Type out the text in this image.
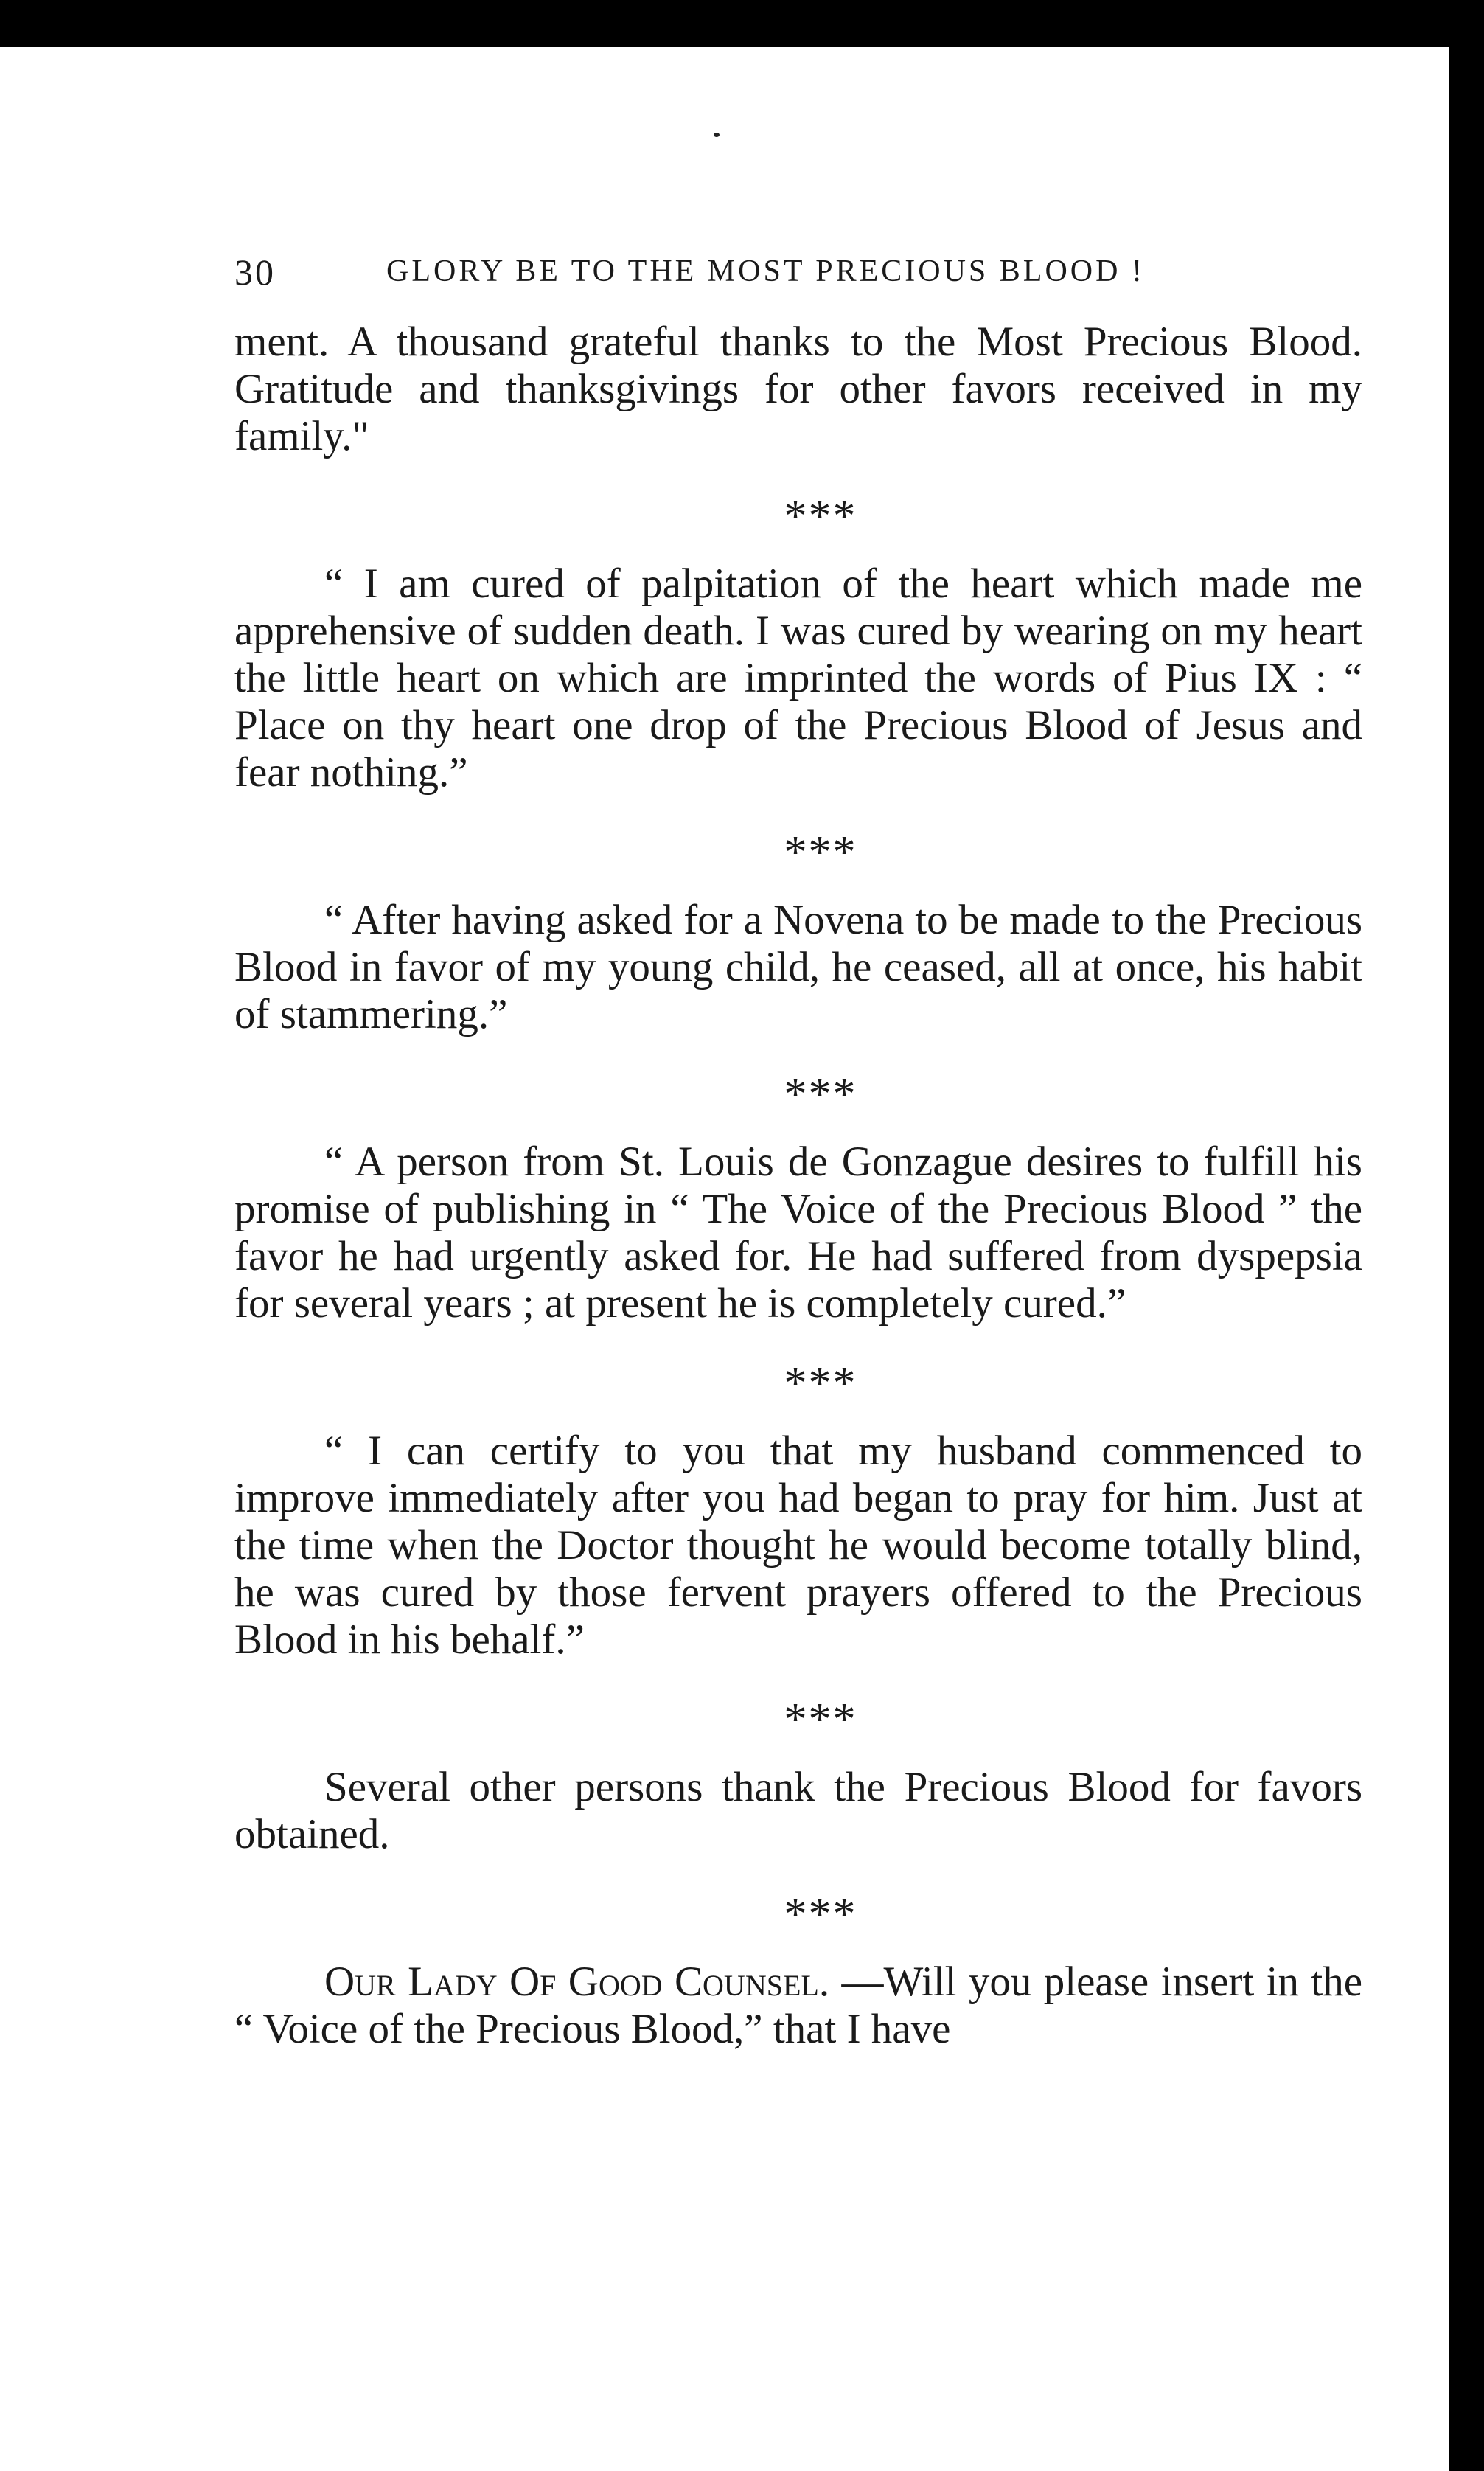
30	GLORY BE TO THE MOST PRECIOUS BLOOD !

ment. A thousand grateful thanks to the Most Precious Blood. Gratitude and thanksgivings for other favors received in my family."

***

“ I am cured of palpitation of the heart which made me apprehensive of sudden death. I was cured by wearing on my heart the little heart on which are imprinted the words of Pius IX : “ Place on thy heart one drop of the Precious Blood of Jesus and fear nothing.”

***

“ After having asked for a Novena to be made to the Precious Blood in favor of my young child, he ceased, all at once, his habit of stammering.”

***

“ A person from St. Louis de Gonzague desires to fulfill his promise of publishing in “ The Voice of the Precious Blood ” the favor he had urgently asked for. He had suffered from dyspepsia for several years ; at present he is completely cured.”

***

“ I can certify to you that my husband commenced to improve immediately after you had began to pray for him. Just at the time when the Doctor thought he would become totally blind, he was cured by those fervent prayers offered to the Precious Blood in his behalf.”

***

Several other persons thank the Precious Blood for favors obtained.

***

Our Lady Of Good Counsel. —Will you please insert in the “ Voice of the Precious Blood,” that I have
